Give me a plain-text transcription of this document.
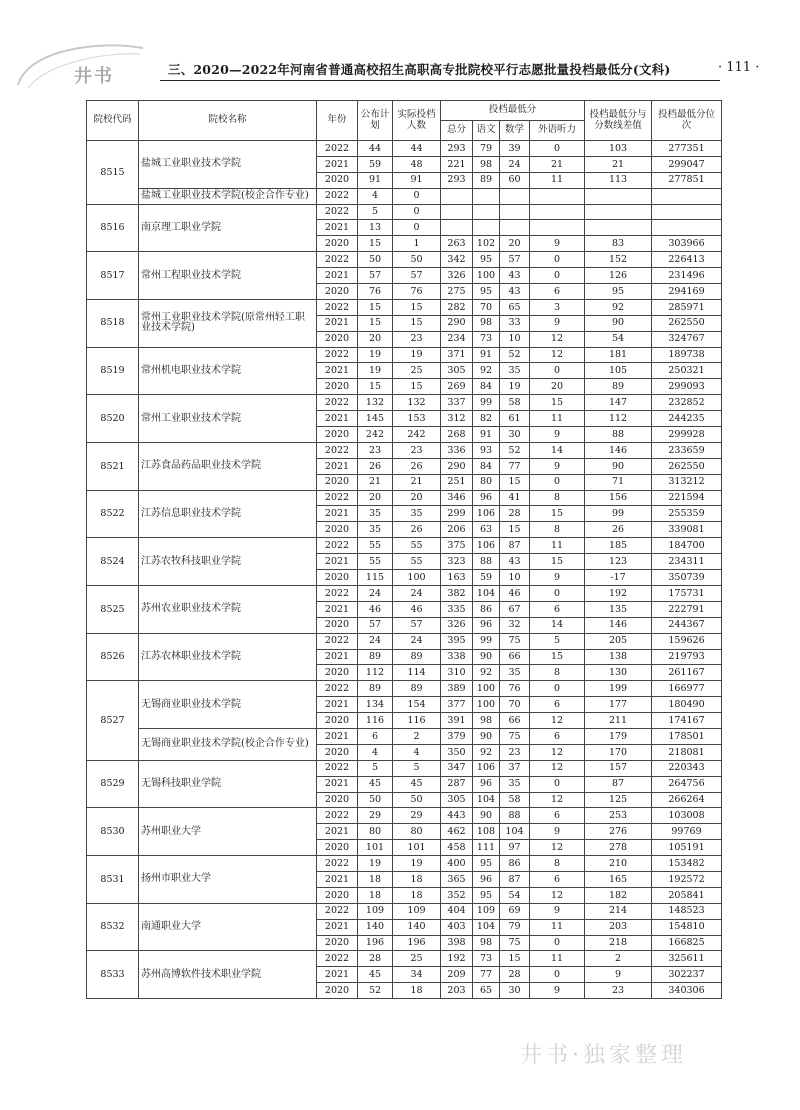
井书	三、2020—2022年河南省普通高校招生高职高专批院校平行志愿批量投档最低分(文科)	· 111 ·
院校代码	院校名称	年份	公布计划	实际投档人数	投档最低分				投档最低分与分数线差值	投档最低分位次
					总分	语文	数学	外语听力		
8515	盐城工业职业技术学院	2022	44	44	293	79	39	0	103	277351
		2021	59	48	221	98	24	21	21	299047
		2020	91	91	293	89	60	11	113	277851
	盐城工业职业技术学院(校企合作专业)	2022	4	0						
8516	南京理工职业学院	2022	5	0						
		2021	13	0						
		2020	15	1	263	102	20	9	83	303966
8517	常州工程职业技术学院	2022	50	50	342	95	57	0	152	226413
		2021	57	57	326	100	43	0	126	231496
		2020	76	76	275	95	43	6	95	294169
8518	常州工业职业技术学院(原常州轻工职业技术学院)	2022	15	15	282	70	65	3	92	285971
		2021	15	15	290	98	33	9	90	262550
		2020	20	23	234	73	10	12	54	324767
8519	常州机电职业技术学院	2022	19	19	371	91	52	12	181	189738
		2021	19	25	305	92	35	0	105	250321
		2020	15	15	269	84	19	20	89	299093
8520	常州工业职业技术学院	2022	132	132	337	99	58	15	147	232852
		2021	145	153	312	82	61	11	112	244235
		2020	242	242	268	91	30	9	88	299928
8521	江苏食品药品职业技术学院	2022	23	23	336	93	52	14	146	233659
		2021	26	26	290	84	77	9	90	262550
		2020	21	21	251	80	15	0	71	313212
8522	江苏信息职业技术学院	2022	20	20	346	96	41	8	156	221594
		2021	35	35	299	106	28	15	99	255359
		2020	35	26	206	63	15	8	26	339081
8524	江苏农牧科技职业学院	2022	55	55	375	106	87	11	185	184700
		2021	55	55	323	88	43	15	123	234311
		2020	115	100	163	59	10	9	-17	350739
8525	苏州农业职业技术学院	2022	24	24	382	104	46	0	192	175731
		2021	46	46	335	86	67	6	135	222791
		2020	57	57	326	96	32	14	146	244367
8526	江苏农林职业技术学院	2022	24	24	395	99	75	5	205	159626
		2021	89	89	338	90	66	15	138	219793
		2020	112	114	310	92	35	8	130	261167
8527	无锡商业职业技术学院	2022	89	89	389	100	76	0	199	166977
		2021	134	154	377	100	70	6	177	180490
		2020	116	116	391	98	66	12	211	174167
	无锡商业职业技术学院(校企合作专业)	2021	6	2	379	90	75	6	179	178501
		2020	4	4	350	92	23	12	170	218081
8529	无锡科技职业学院	2022	5	5	347	106	37	12	157	220343
		2021	45	45	287	96	35	0	87	264756
		2020	50	50	305	104	58	12	125	266264
8530	苏州职业大学	2022	29	29	443	90	88	6	253	103008
		2021	80	80	462	108	104	9	276	99769
		2020	101	101	458	111	97	12	278	105191
8531	扬州市职业大学	2022	19	19	400	95	86	8	210	153482
		2021	18	18	365	96	87	6	165	192572
		2020	18	18	352	95	54	12	182	205841
8532	南通职业大学	2022	109	109	404	109	69	9	214	148523
		2021	140	140	403	104	79	11	203	154810
		2020	196	196	398	98	75	0	218	166825
8533	苏州高博软件技术职业学院	2022	28	25	192	73	15	11	2	325611
		2021	45	34	209	77	28	0	9	302237
		2020	52	18	203	65	30	9	23	340306
井书·独家整理
